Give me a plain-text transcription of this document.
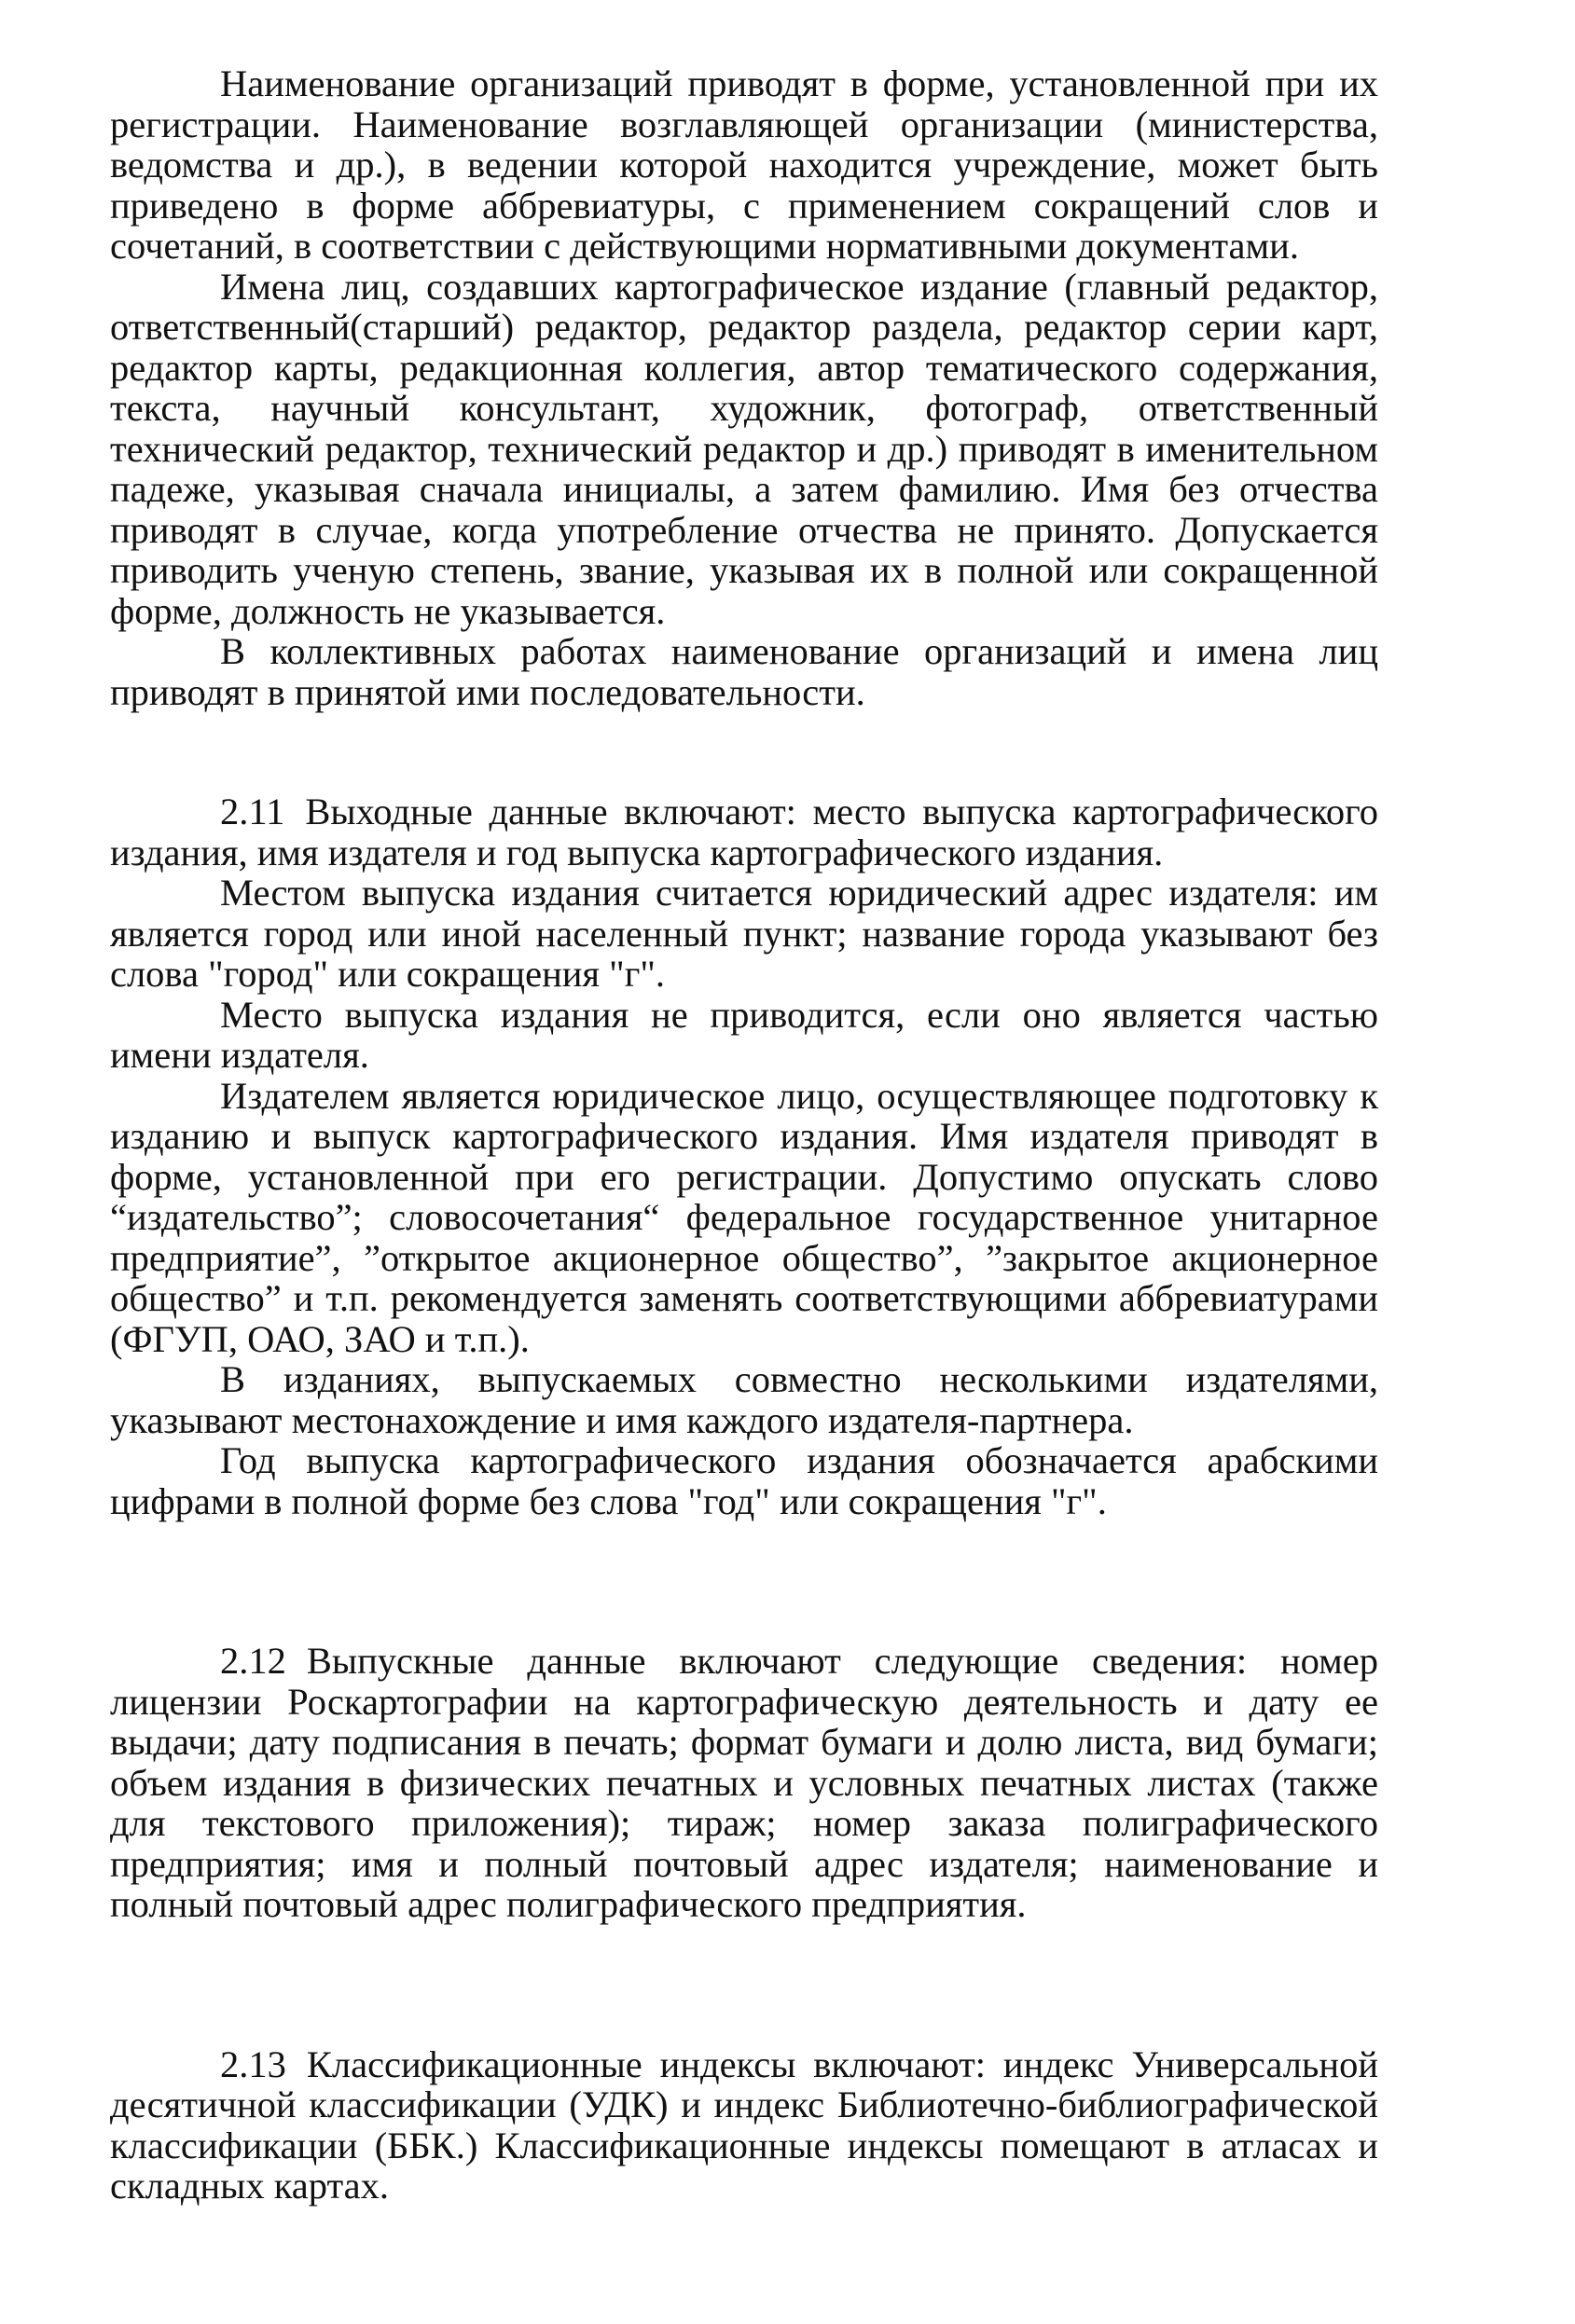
Наименование организаций приводят в форме, установленной при их регистрации. Наименование возглавляющей организации (министерства, ведомства и др.), в ведении которой находится учреждение, может быть приведено в форме аббревиатуры, с применением сокращений слов и сочетаний, в соответствии с действующими нормативными документами.

Имена лиц, создавших картографическое издание (главный редактор, ответственный(старший) редактор, редактор раздела, редактор серии карт, редактор карты, редакционная коллегия, автор тематического содержания, текста, научный консультант, художник, фотограф, ответственный технический редактор, технический редактор и др.) приводят в именительном падеже, указывая сначала инициалы, а затем фамилию. Имя без отчества приводят в случае, когда употребление отчества не принято. Допускается приводить ученую степень, звание, указывая их в полной или сокращенной форме, должность не указывается.

В коллективных работах наименование организаций и имена лиц приводят в принятой ими последовательности.

2.11 Выходные данные включают: место выпуска картографического издания, имя издателя и год выпуска картографического издания.

Местом выпуска издания считается юридический адрес издателя: им является город или иной населенный пункт; название города указывают без слова "город" или сокращения "г".

Место выпуска издания не приводится, если оно является частью имени издателя.

Издателем является юридическое лицо, осуществляющее подготовку к изданию и выпуск картографического издания. Имя издателя приводят в форме, установленной при его регистрации. Допустимо опускать слово “издательство”; словосочетания“ федеральное государственное унитарное предприятие”, ”открытое акционерное общество”, ”закрытое акционерное общество” и т.п. рекомендуется заменять соответствующими аббревиатурами (ФГУП, ОАО, ЗАО и т.п.).

В изданиях, выпускаемых совместно несколькими издателями, указывают местонахождение и имя каждого издателя-партнера.

Год выпуска картографического издания обозначается арабскими цифрами в полной форме без слова "год" или сокращения "г".

2.12 Выпускные данные включают следующие сведения: номер лицензии Роскартографии на картографическую деятельность и дату ее выдачи; дату подписания в печать; формат бумаги и долю листа, вид бумаги; объем издания в физических печатных и условных печатных листах (также для текстового приложения); тираж; номер заказа полиграфического предприятия; имя и полный почтовый адрес издателя; наименование и полный почтовый адрес полиграфического предприятия.

2.13 Классификационные индексы включают: индекс Универсальной десятичной классификации (УДК) и индекс Библиотечно-библиографической классификации (ББК.) Классификационные индексы помещают в атласах и складных картах.
